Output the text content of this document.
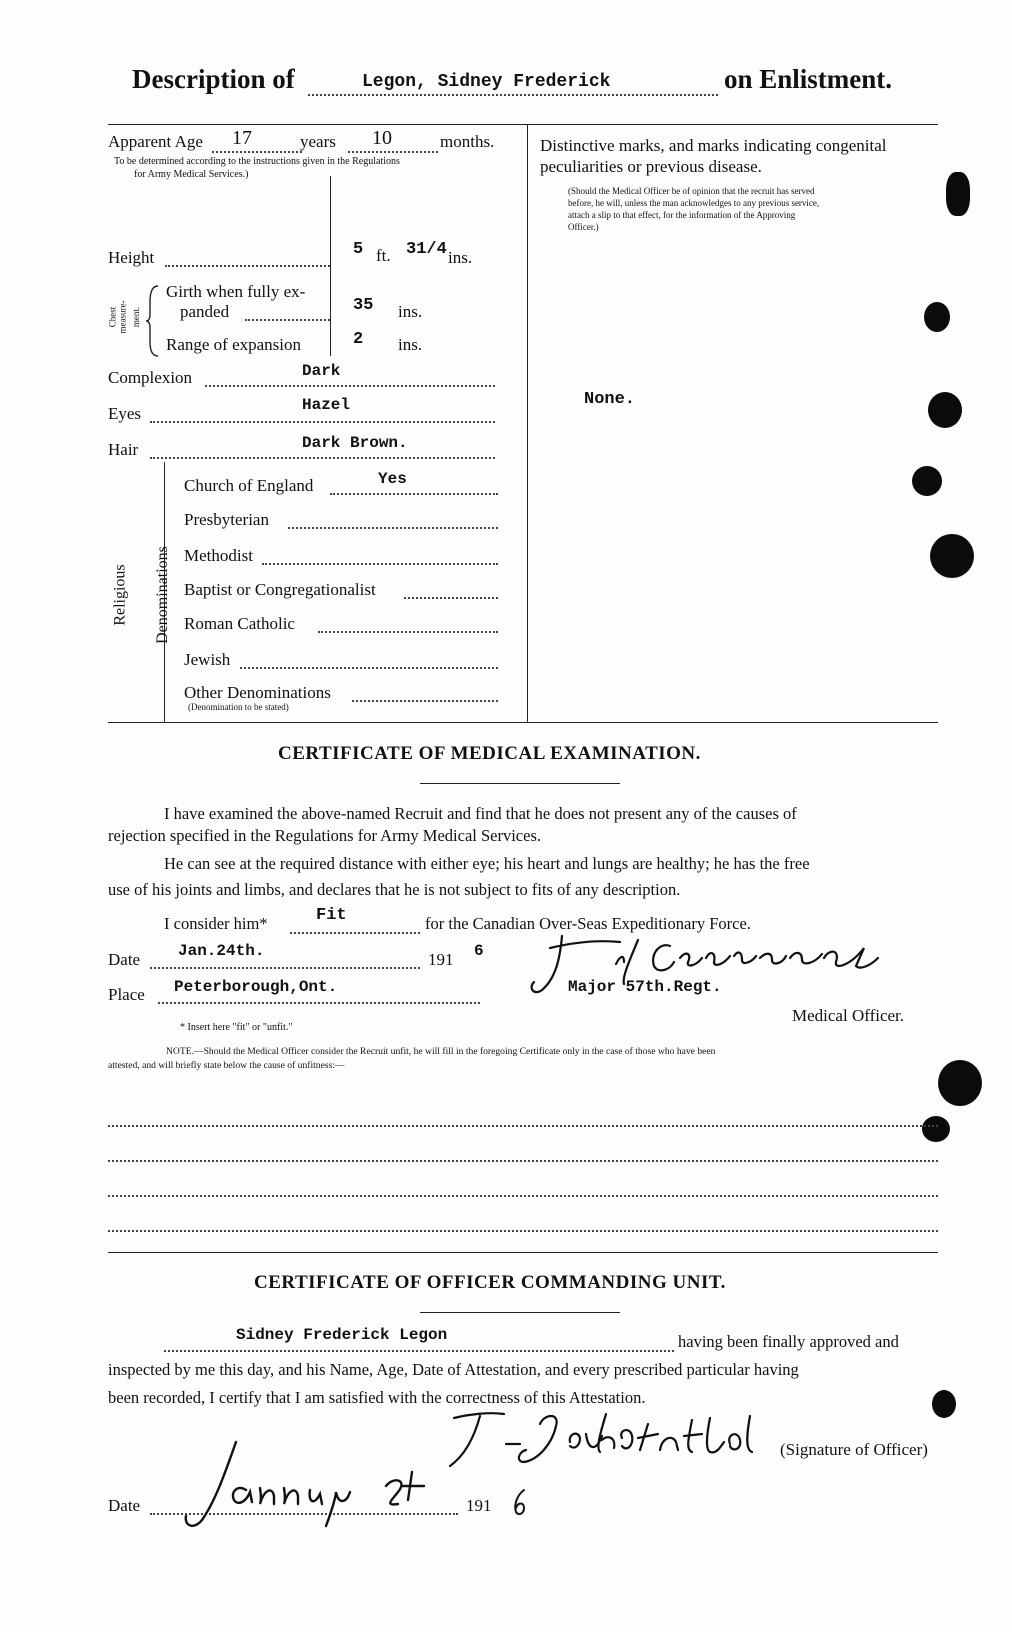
Description of	Legon, Sidney Frederick	on Enlistment.
Apparent Age 17	years 10	months.
To be determined according to the instructions given in the Regulations
for Army Medical Services.)
Height	5 ft. 31/4 ins.
Chest measure- ment.
Girth when fully ex-
panded	35 ins.
Range of expansion	2 ins.
Complexion	Dark
Eyes	Hazel
Hair	Dark Brown.
Religious Denominations
Church of England	Yes
Presbyterian
Methodist
Baptist or Congregationalist
Roman Catholic
Jewish
Other Denominations
(Denomination to be stated)
Distinctive marks, and marks indicating congenital
peculiarities or previous disease.
(Should the Medical Officer be of opinion that the recruit has served
before, he will, unless the man acknowledges to any previous service,
attach a slip to that effect, for the information of the Approving
Officer.)
None.
CERTIFICATE OF MEDICAL EXAMINATION.
I have examined the above-named Recruit and find that he does not present any of the causes of
rejection specified in the Regulations for Army Medical Services.
He can see at the required distance with either eye; his heart and lungs are healthy; he has the free
use of his joints and limbs, and declares that he is not subject to fits of any description.
I consider him*	Fit	for the Canadian Over-Seas Expeditionary Force.
Date Jan.24th.	191 6
Place Peterborough,Ont.	Major 57th.Regt.
Medical Officer.
* Insert here "fit" or "unfit."
NOTE.—Should the Medical Officer consider the Recruit unfit, he will fill in the foregoing Certificate only in the case of those who have been
attested, and will briefly state below the cause of unfitness:—
CERTIFICATE OF OFFICER COMMANDING UNIT.
Sidney Frederick Legon	having been finally approved and
inspected by me this day, and his Name, Age, Date of Attestation, and every prescribed particular having
been recorded, I certify that I am satisfied with the correctness of this Attestation.
(Signature of Officer)
Date	191
